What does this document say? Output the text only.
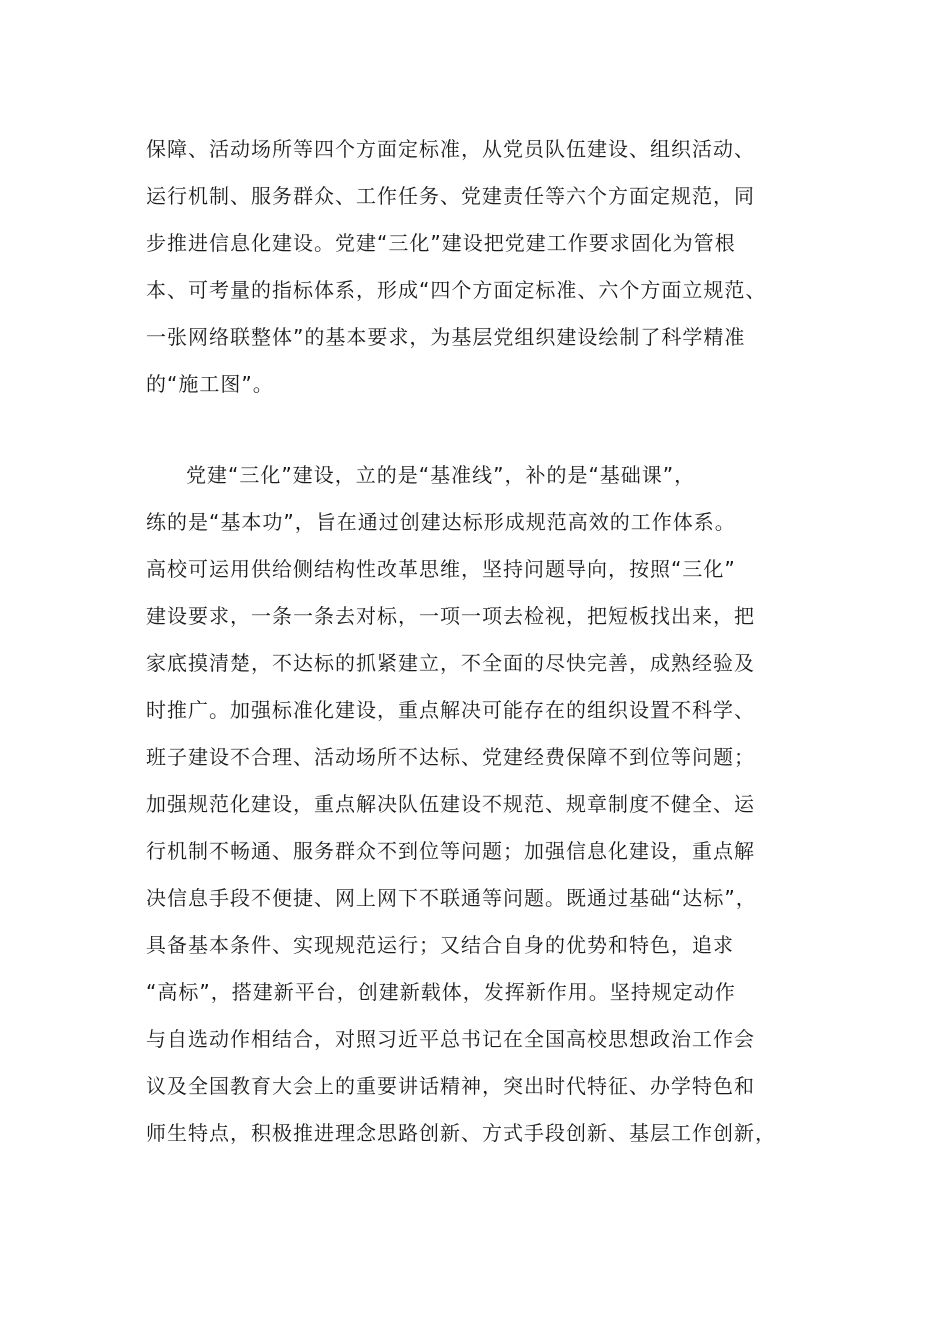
保障、活动场所等四个方面定标准，从党员队伍建设、组织活动、
运行机制、服务群众、工作任务、党建责任等六个方面定规范，同
步推进信息化建设。党建“三化”建设把党建工作要求固化为管根
本、可考量的指标体系，形成“四个方面定标准、六个方面立规范、
一张网络联整体”的基本要求，为基层党组织建设绘制了科学精准
的“施工图”。
党建“三化”建设，立的是“基准线”，补的是“基础课”，
练的是“基本功”，旨在通过创建达标形成规范高效的工作体系。
高校可运用供给侧结构性改革思维，坚持问题导向，按照“三化”
建设要求，一条一条去对标，一项一项去检视，把短板找出来，把
家底摸清楚，不达标的抓紧建立，不全面的尽快完善，成熟经验及
时推广。加强标准化建设，重点解决可能存在的组织设置不科学、
班子建设不合理、活动场所不达标、党建经费保障不到位等问题；
加强规范化建设，重点解决队伍建设不规范、规章制度不健全、运
行机制不畅通、服务群众不到位等问题；加强信息化建设，重点解
决信息手段不便捷、网上网下不联通等问题。既通过基础“达标”，
具备基本条件、实现规范运行；又结合自身的优势和特色，追求
“高标”，搭建新平台，创建新载体，发挥新作用。坚持规定动作
与自选动作相结合，对照习近平总书记在全国高校思想政治工作会
议及全国教育大会上的重要讲话精神，突出时代特征、办学特色和
师生特点，积极推进理念思路创新、方式手段创新、基层工作创新，
